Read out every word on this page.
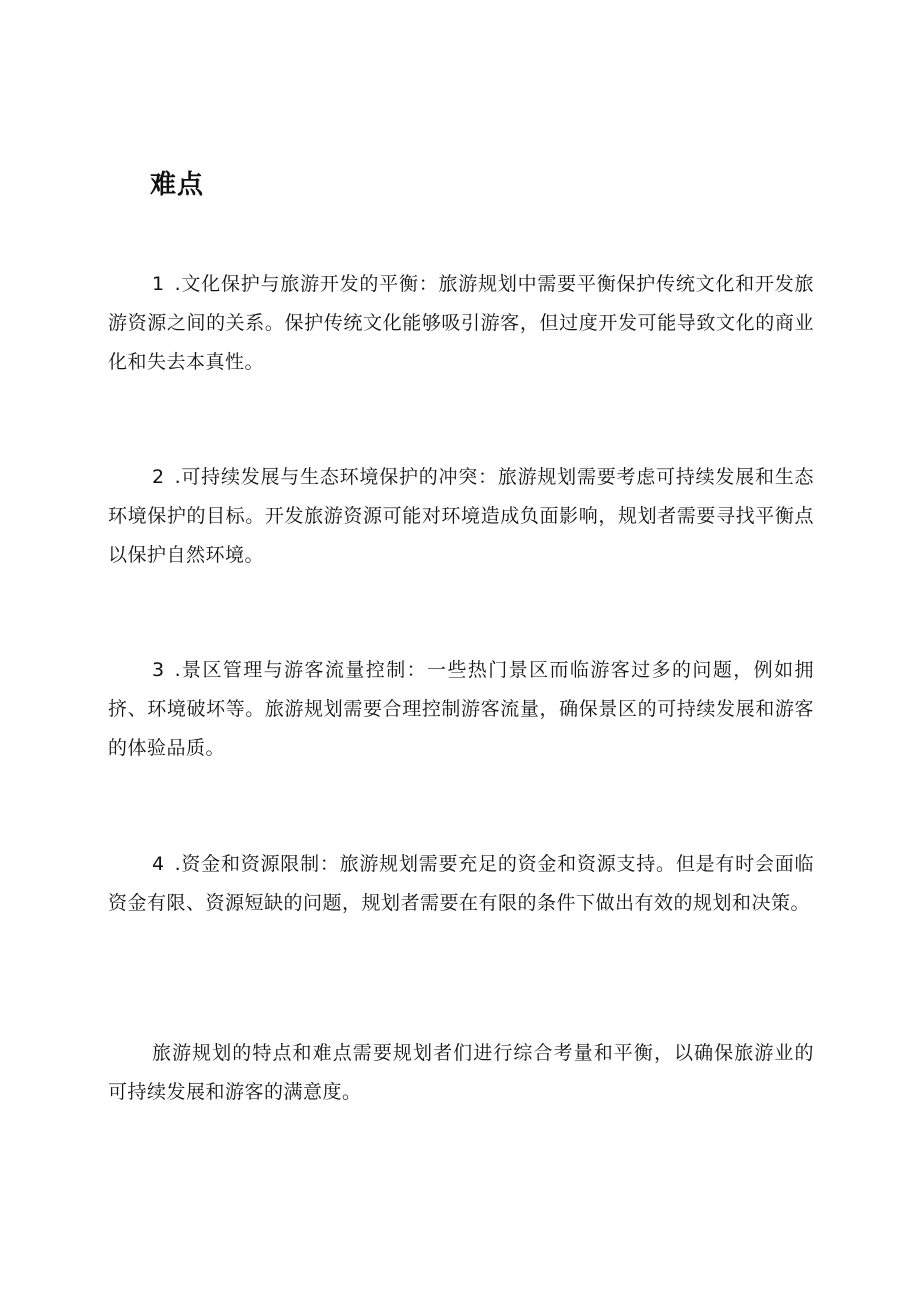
难点

1 .文化保护与旅游开发的平衡：旅游规划中需要平衡保护传统文化和开发旅游资源之间的关系。保护传统文化能够吸引游客，但过度开发可能导致文化的商业化和失去本真性。

2 .可持续发展与生态环境保护的冲突：旅游规划需要考虑可持续发展和生态环境保护的目标。开发旅游资源可能对环境造成负面影响，规划者需要寻找平衡点以保护自然环境。

3 .景区管理与游客流量控制：一些热门景区而临游客过多的问题，例如拥挤、环境破坏等。旅游规划需要合理控制游客流量，确保景区的可持续发展和游客的体验品质。

4 .资金和资源限制：旅游规划需要充足的资金和资源支持。但是有时会面临资金有限、资源短缺的问题，规划者需要在有限的条件下做出有效的规划和决策。

旅游规划的特点和难点需要规划者们进行综合考量和平衡，以确保旅游业的可持续发展和游客的满意度。
